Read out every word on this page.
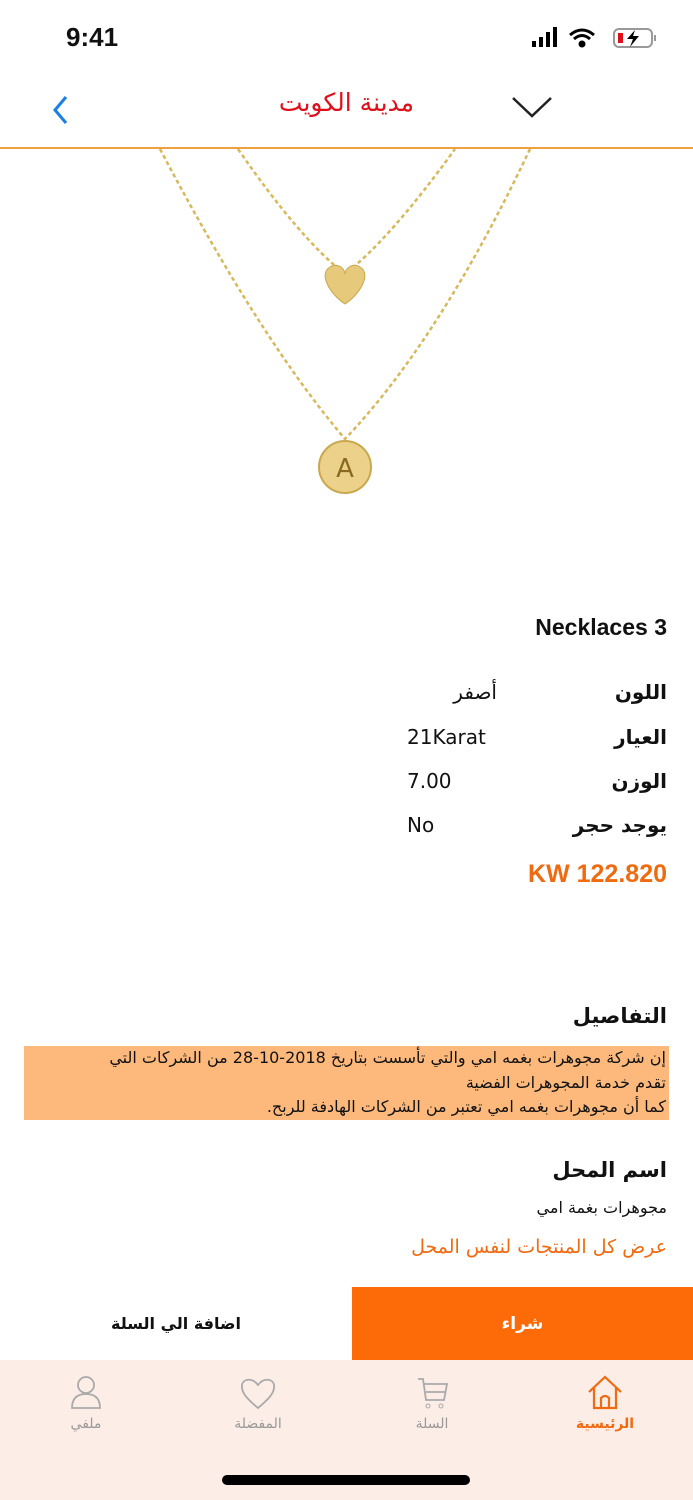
9:41
مدينة الكويت
A
Necklaces 3
اللون
أصفر
العيار
21Karat
الوزن
7.00
يوجد حجر
No
KW 122.820
التفاصيل
إن شركة مجوهرات بغمه امي والتي تأسست بتاريخ 2018-10-28 من الشركات التي
تقدم خدمة المجوهرات الفضية
كما أن مجوهرات بغمه امي تعتبر من الشركات الهادفة للربح.
اسم المحل
مجوهرات بغمة امي
عرض كل المنتجات لنفس المحل
اضافة الي السلة	شراء
الرئيسية
السلة
المفضلة
ملفي
